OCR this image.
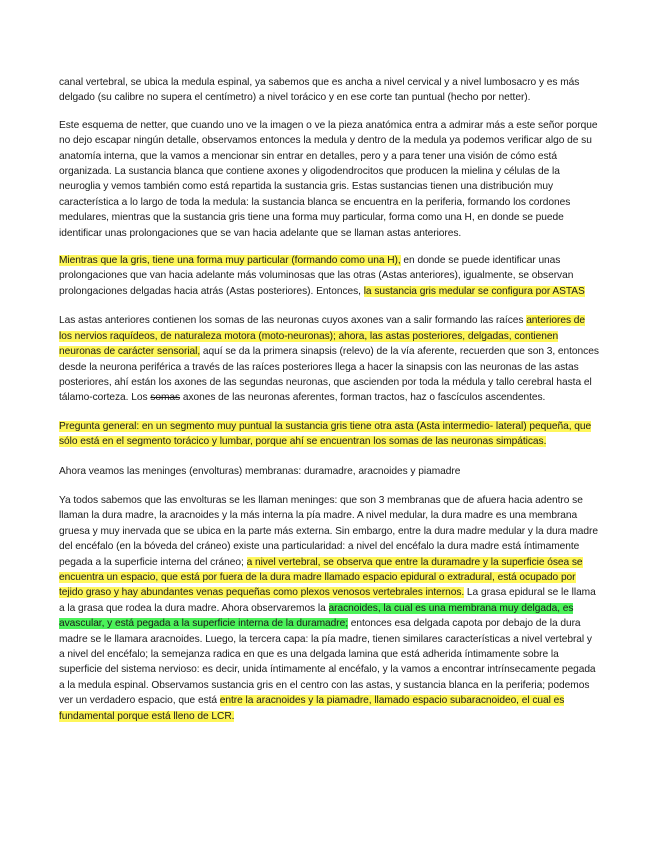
canal vertebral, se ubica la medula espinal, ya sabemos que es ancha a nivel cervical y a nivel lumbosacro y es más delgado (su calibre no supera el centímetro) a nivel torácico y en ese corte tan puntual (hecho por netter).

Este esquema de netter, que cuando uno ve la imagen o ve la pieza anatómica entra a admirar más a este señor porque no dejo escapar ningún detalle, observamos entonces la medula y dentro de la medula ya podemos verificar algo de su anatomía interna, que la vamos a mencionar sin entrar en detalles, pero y a para tener una visión de cómo está organizada. La sustancia blanca que contiene axones y oligodendrocitos que producen la mielina y células de la neuroglia y vemos también como está repartida la sustancia gris. Estas sustancias tienen una distribución muy característica a lo largo de toda la medula: la sustancia blanca se encuentra en la periferia, formando los cordones medulares, mientras que la sustancia gris tiene una forma muy particular, forma como una H, en donde se puede identificar unas prolongaciones que se van hacia adelante que se llaman astas anteriores.

Mientras que la gris, tiene una forma muy particular (formando como una H), en donde se puede identificar unas prolongaciones que van hacia adelante más voluminosas que las otras (Astas anteriores), igualmente, se observan prolongaciones delgadas hacia atrás (Astas posteriores). Entonces, la sustancia gris medular se configura por ASTAS

Las astas anteriores contienen los somas de las neuronas cuyos axones van a salir formando las raíces anteriores de los nervios raquídeos, de naturaleza motora (moto-neuronas); ahora, las astas posteriores, delgadas, contienen neuronas de carácter sensorial, aquí se da la primera sinapsis (relevo) de la vía aferente, recuerden que son 3, entonces desde la neurona periférica a través de las raíces posteriores llega a hacer la sinapsis con las neuronas de las astas posteriores, ahí están los axones de las segundas neuronas, que ascienden por toda la médula y tallo cerebral hasta el tálamo-corteza. Los somas axones de las neuronas aferentes, forman tractos, haz o fascículos ascendentes.

Pregunta general: en un segmento muy puntual la sustancia gris tiene otra asta (Asta intermedio- lateral) pequeña, que sólo está en el segmento torácico y lumbar, porque ahí se encuentran los somas de las neuronas simpáticas.

Ahora veamos las meninges (envolturas) membranas: duramadre, aracnoides y piamadre

Ya todos sabemos que las envolturas se les llaman meninges: que son 3 membranas que de afuera hacia adentro se llaman la dura madre, la aracnoides y la más interna la pía madre. A nivel medular, la dura madre es una membrana gruesa y muy inervada que se ubica en la parte más externa. Sin embargo, entre la dura madre medular y la dura madre del encéfalo (en la bóveda del cráneo) existe una particularidad: a nivel del encéfalo la dura madre está íntimamente pegada a la superficie interna del cráneo; a nivel vertebral, se observa que entre la duramadre y la superficie ósea se encuentra un espacio, que está por fuera de la dura madre llamado espacio epidural o extradural, está ocupado por tejido graso y hay abundantes venas pequeñas como plexos venosos vertebrales internos. La grasa epidural se le llama a la grasa que rodea la dura madre. Ahora observaremos la aracnoides, la cual es una membrana muy delgada, es avascular, y está pegada a la superficie interna de la duramadre; entonces esa delgada capota por debajo de la dura madre se le llamara aracnoides. Luego, la tercera capa: la pía madre, tienen similares características a nivel vertebral y a nivel del encéfalo; la semejanza radica en que es una delgada lamina que está adherida íntimamente sobre la superficie del sistema nervioso: es decir, unida íntimamente al encéfalo, y la vamos a encontrar intrínsecamente pegada a la medula espinal. Observamos sustancia gris en el centro con las astas, y sustancia blanca en la periferia; podemos ver un verdadero espacio, que está entre la aracnoides y la piamadre, llamado espacio subaracnoideo, el cual es fundamental porque está lleno de LCR.
